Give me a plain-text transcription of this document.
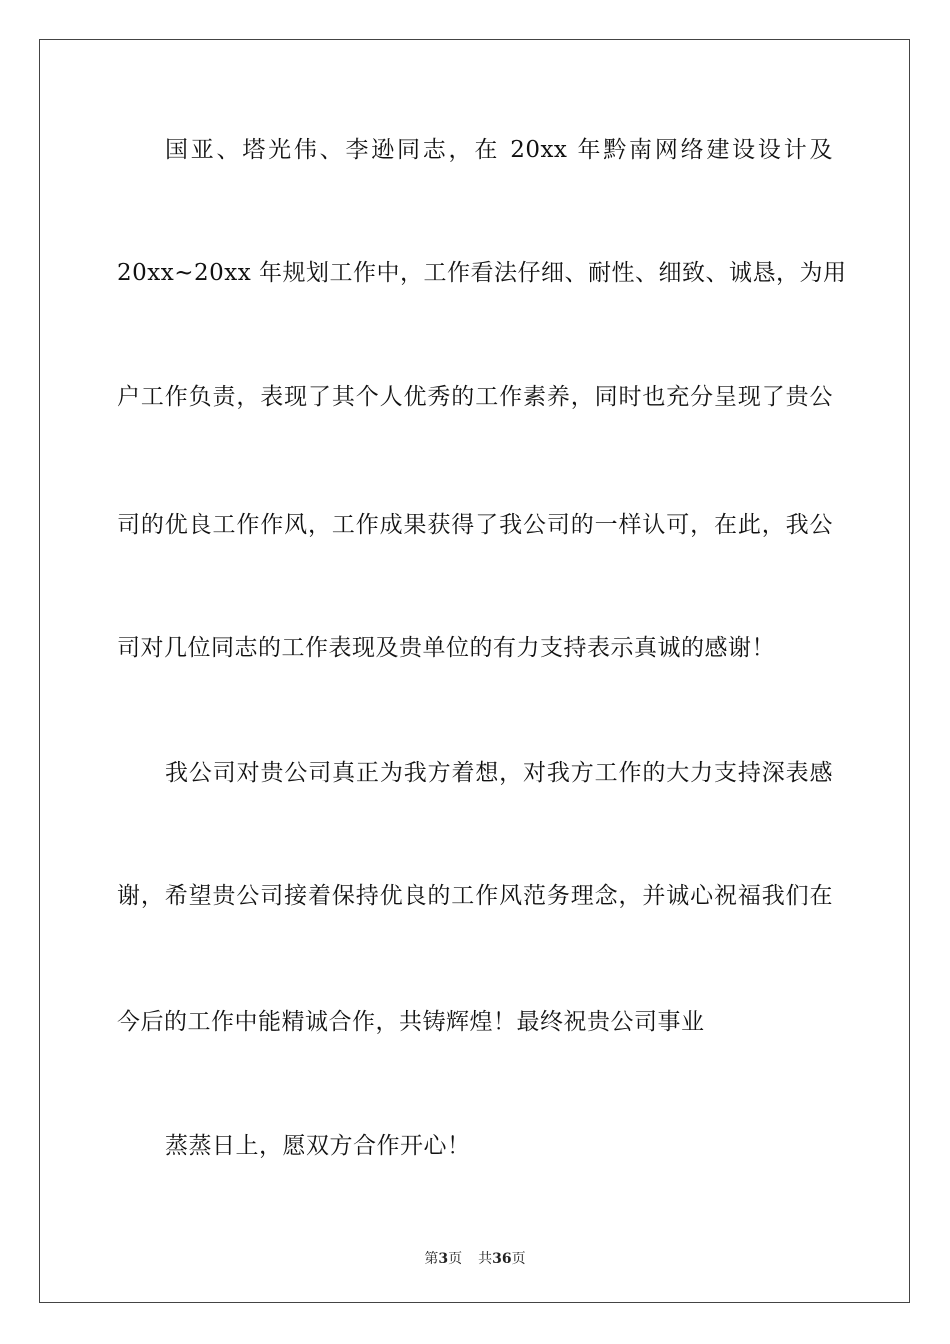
国亚、塔光伟、李逊同志，在 20xx 年黔南网络建设设计及
20xx~20xx 年规划工作中，工作看法仔细、耐性、细致、诚恳，为用
户工作负责，表现了其个人优秀的工作素养，同时也充分呈现了贵公
司的优良工作作风，工作成果获得了我公司的一样认可，在此，我公
司对几位同志的工作表现及贵单位的有力支持表示真诚的感谢！
我公司对贵公司真正为我方着想，对我方工作的大力支持深表感
谢，希望贵公司接着保持优良的工作风范务理念，并诚心祝福我们在
今后的工作中能精诚合作，共铸辉煌！最终祝贵公司事业
蒸蒸日上，愿双方合作开心！
第3页 共36页
